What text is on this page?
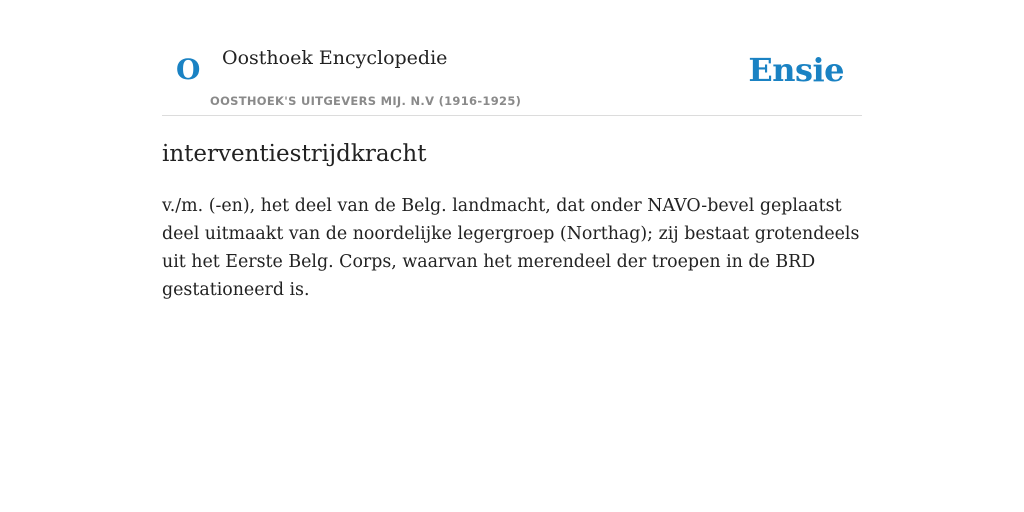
O Oosthoek Encyclopedie
OOSTHOEK'S UITGEVERS MIJ. N.V (1916-1925)
Ensie
interventiestrijdkracht

v./m. (-en), het deel van de Belg. landmacht, dat onder NAVO-bevel geplaatst deel uitmaakt van de noordelijke legergroep (Northag); zij bestaat grotendeels uit het Eerste Belg. Corps, waarvan het merendeel der troepen in de BRD gestationeerd is.
